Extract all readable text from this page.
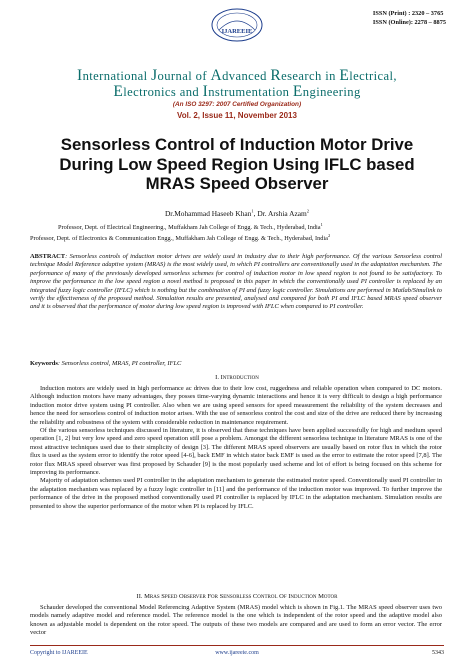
IJAREEIE
ISSN (Print) : 2320 – 3765
ISSN (Online): 2278 – 8875
International Journal of Advanced Research in Electrical,
Electronics and Instrumentation Engineering
(An ISO 3297: 2007 Certified Organization)
Vol. 2, Issue 11, November 2013
Sensorless Control of Induction Motor Drive
During Low Speed Region Using IFLC based
MRAS Speed Observer
Dr.Mohammad Haseeb Khan$^1$, Dr. Arshia Azam$^2$
Professor, Dept. of Electrical Engineering., Muffakham Jah College of Engg. & Tech., Hyderabad, India$^1$
Professor, Dept. of Electronics & Communication Engg., Muffakham Jah College of Engg. & Tech., Hyderabad, India$^2$
ABSTRACT: Sensorless controls of induction motor drives are widely used in industry due to their high performance. Of the various Sensorless control technique Model Reference adaptive system (MRAS) is the most widely used, in which PI controllers are conventionally used in the adaptation mechanism. The performance of many of the previously developed sensorless schemes for control of induction motor in low speed region is not found to be satisfactory. To improve the performance in the low speed region a novel method is proposed in this paper in which the conventionally used PI controller is replaced by an integrated fuzzy logic controller (IFLC) which is nothing but the combination of PI and fuzzy logic controller. Simulations are performed in Matlab/Simulink to verify the effectiveness of the proposed method. Simulation results are presented, analysed and compared for both PI and IFLC based MRAS speed observer and it is observed that the performance of motor during low speed region is improved with IFLC when compared to PI controller.
Keywords: Sensorless control, MRAS, PI controller, IFLC
I. Introduction

Induction motors are widely used in high performance ac drives due to their low cost, ruggedness and reliable operation when compared to DC motors. Although induction motors have many advantages, they posses time-varying dynamic interactions and hence it is very difficult to design a high performance induction motor drive system using PI controller. Also when we are using speed sensors for speed measurement the reliability of the system decreases and hence the need for sensorless control of induction motor arises. With the use of sensorless control the cost and size of the drive are reduced there by increasing the reliability and robustness of the system with considerable reduction in maintenance requirement.

Of the various sensorless techniques discussed in literature, it is observed that these techniques have been applied successfully for high and medium speed operation [1, 2] but very low speed and zero speed operation still pose a problem. Amongst the different sensorless technique in literature MRAS is one of the most attractive techniques used due to their simplicity of design [3]. The different MRAS speed observers are usually based on rotor flux in which the rotor flux is used as the system error to identify the rotor speed [4-6], back EMF in which stator back EMF is used as the error to estimate the rotor speed [7,8]. The rotor flux MRAS speed observer was first proposed by Schauder [9] is the most popularly used scheme and lot of effort is being focused on this scheme for improving its performance.

Majority of adaptation schemes used PI controller in the adaptation mechanism to generate the estimated motor speed. Conventionally used PI controller in the adaptation mechanism was replaced by a fuzzy logic controller in [11] and the performance of the induction motor was improved. To further improve the performance of the drive in the proposed method conventionally used PI controller is replaced by IFLC in the adaptation mechanism. Simulation results are presented to show the superior performance of the motor when PI is replaced by IFLC.

II. Mras Speed Observer For Sensorless Control Of Induction Motor

Schauder developed the conventional Model Referencing Adaptive System (MRAS) model which is shown in Fig.1. The MRAS speed observer uses two models namely adaptive model and reference model. The reference model is the one which is independent of the rotor speed and the adaptive model also known as adjustable model is dependent on the rotor speed. The outputs of these two models are compared and are used to form an error vector. The error vector

Copyright to IJAREEIE	www.ijareeie.com	5343
